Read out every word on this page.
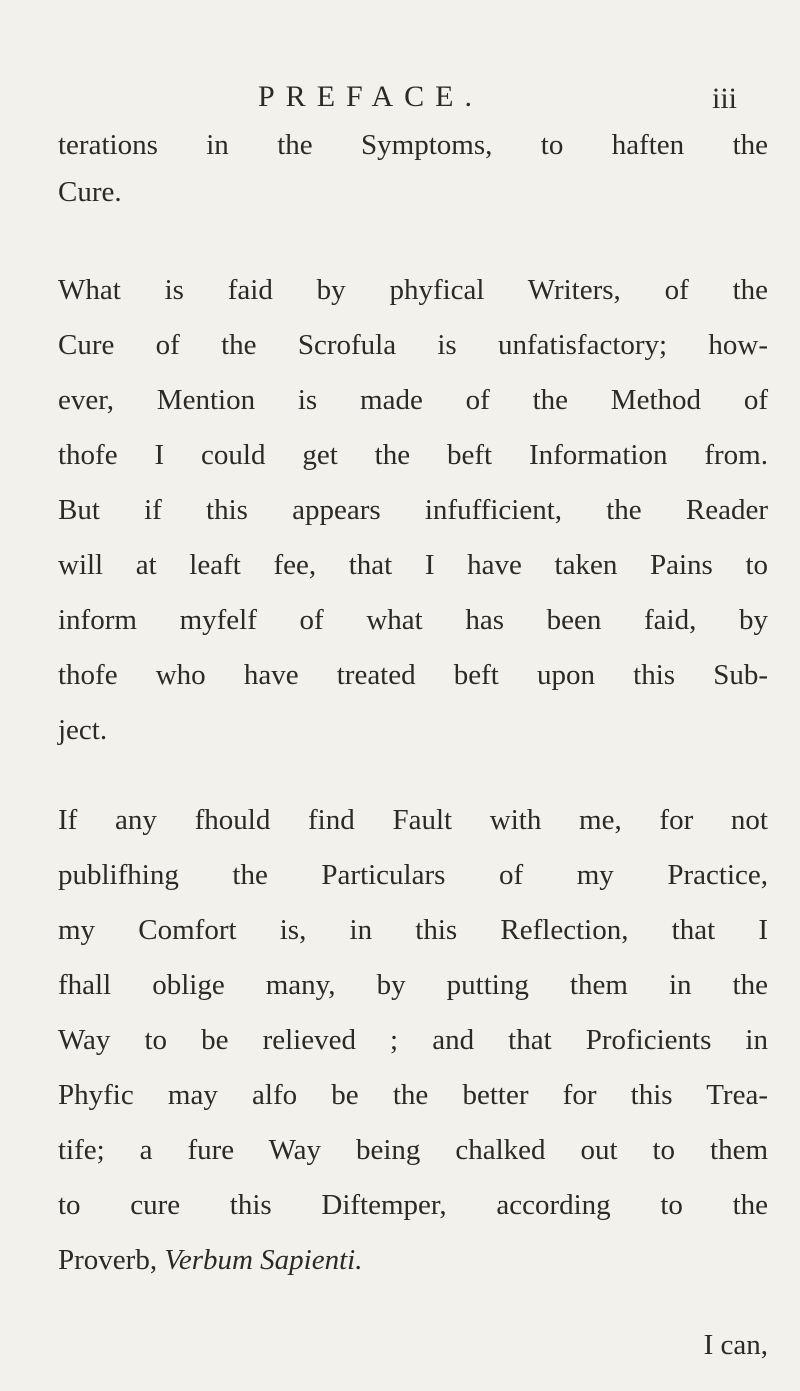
PREFACE.	iii
terations in the Symptoms, to haften the
Cure.
What is faid by phyfical Writers, of the
Cure of the Scrofula is unfatisfactory; how-
ever, Mention is made of the Method of
thofe I could get the beft Information from.
But if this appears infufficient, the Reader
will at leaft fee, that I have taken Pains to
inform myfelf of what has been faid, by
thofe who have treated beft upon this Sub-
ject.
If any fhould find Fault with me, for not
publifhing the Particulars of my Practice,
my Comfort is, in this Reflection, that I
fhall oblige many, by putting them in the
Way to be relieved ; and that Proficients in
Phyfic may alfo be the better for this Trea-
tife; a fure Way being chalked out to them
to cure this Diftemper, according to the
Proverb, Verbum Sapienti.
I can,
